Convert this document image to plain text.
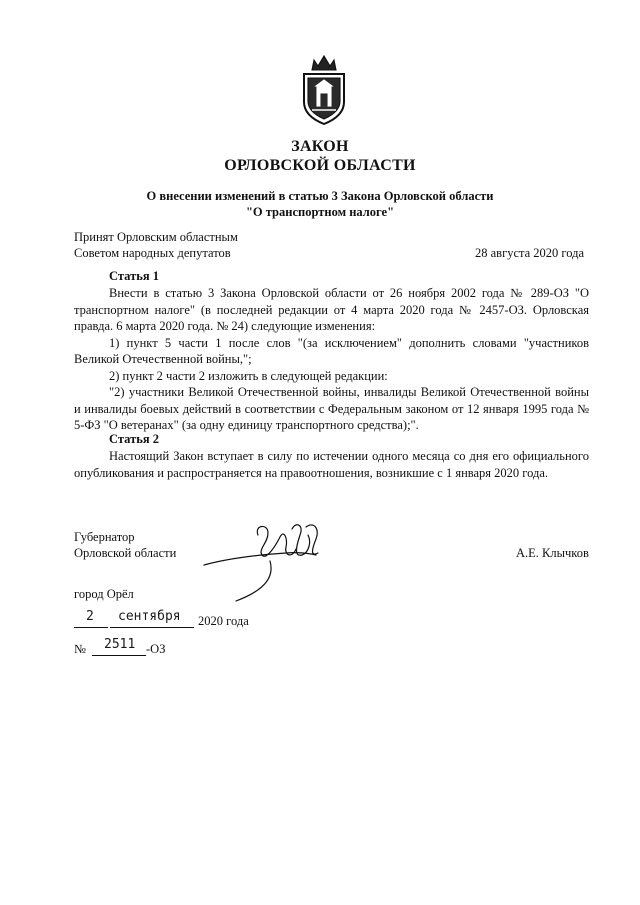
ЗАКОН
ОРЛОВСКОЙ ОБЛАСТИ
О внесении изменений в статью 3 Закона Орловской области
"О транспортном налоге"
Принят Орловским областным
Советом народных депутатов	28 августа 2020 года
Статья 1

Внести в статью 3 Закона Орловской области от 26 ноября 2002 года № 289-ОЗ "О транспортном налоге" (в последней редакции от 4 марта 2020 года № 2457-ОЗ. Орловская правда. 6 марта 2020 года. № 24) следующие изменения:

1) пункт 5 части 1 после слов "(за исключением" дополнить словами "участников Великой Отечественной войны,";

2) пункт 2 части 2 изложить в следующей редакции:

"2) участники Великой Отечественной войны, инвалиды Великой Отечественной войны и инвалиды боевых действий в соответствии с Федеральным законом от 12 января 1995 года № 5-ФЗ "О ветеранах" (за одну единицу транспортного средства);".

Статья 2

Настоящий Закон вступает в силу по истечении одного месяца со дня его официального опубликования и распространяется на правоотношения, возникшие с 1 января 2020 года.

Губернатор
Орловской области	А.Е. Клычков
город Орёл
2 сентября 2020 года
№ 2511 -ОЗ
